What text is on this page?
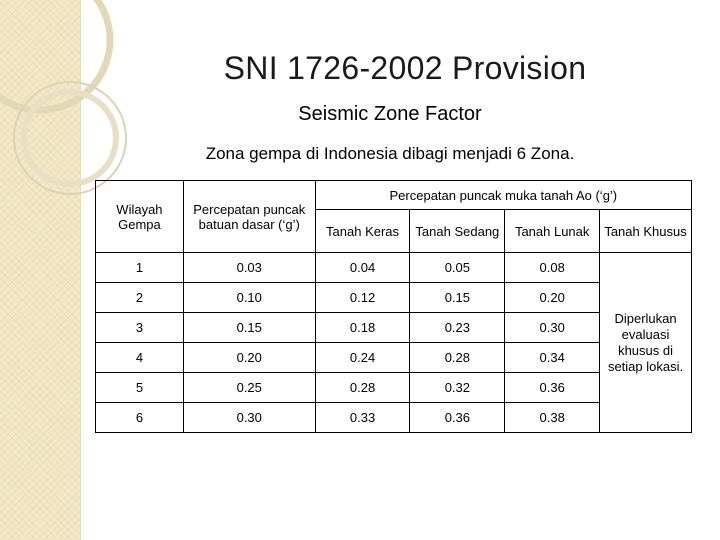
SNI 1726-2002 Provision
Seismic Zone Factor
Zona gempa di Indonesia dibagi menjadi 6 Zona.
Wilayah Gempa	Percepatan puncak batuan dasar (‘g’)	Percepatan puncak muka tanah Ao (‘g’)			
		Tanah Keras	Tanah Sedang	Tanah Lunak	Tanah Khusus
1	0.03	0.04	0.05	0.08	Diperlukan evaluasi khusus di setiap lokasi.
2	0.10	0.12	0.15	0.20	
3	0.15	0.18	0.23	0.30	
4	0.20	0.24	0.28	0.34	
5	0.25	0.28	0.32	0.36	
6	0.30	0.33	0.36	0.38	
